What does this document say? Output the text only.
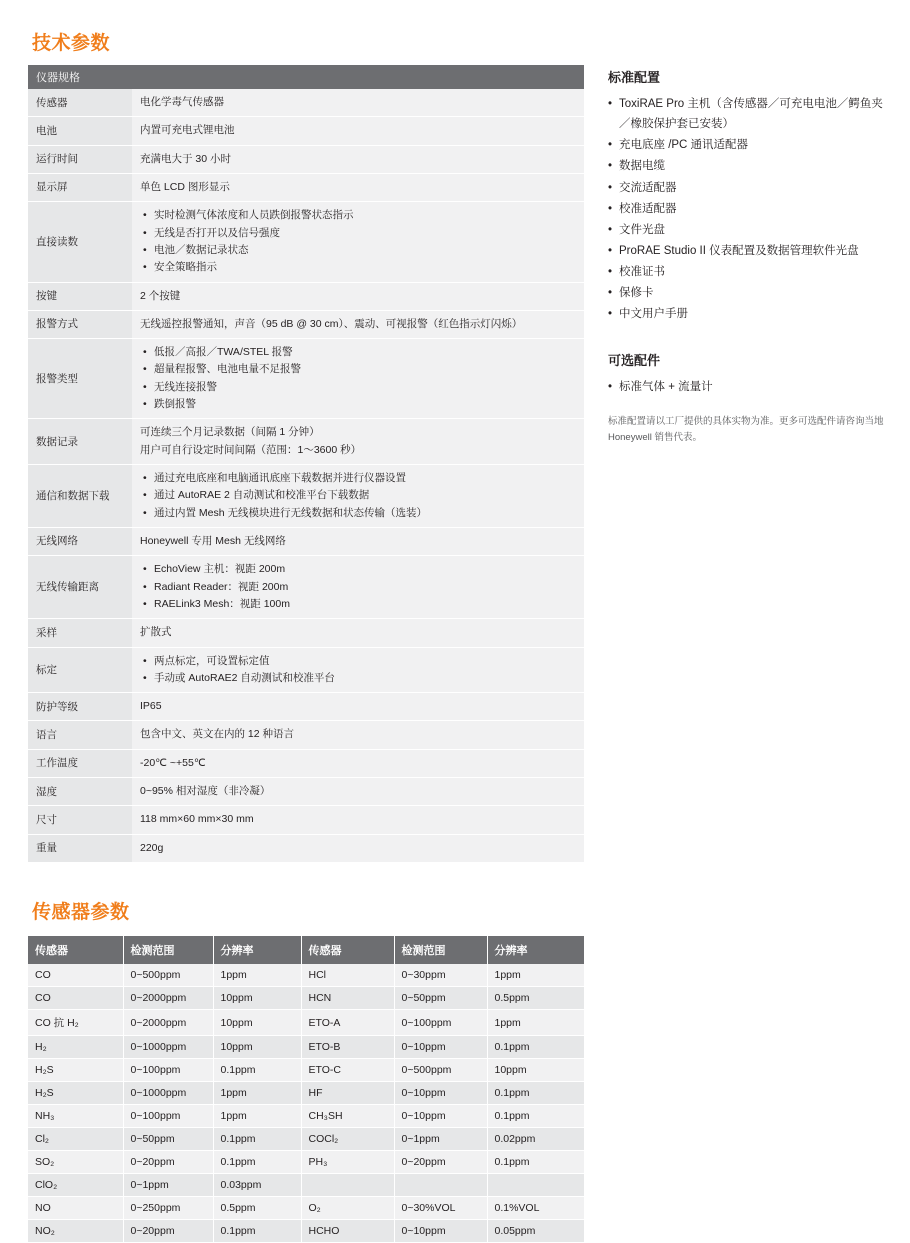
技术参数
仪器规格	
传感器	电化学毒气传感器

电池	内置可充电式锂电池

运行时间	充满电大于 30 小时

显示屏	单色 LCD 图形显示

直接读数	
• 实时检测气体浓度和人员跌倒报警状态指示
• 无线是否打开以及信号强度
• 电池／数据记录状态
• 安全策略指示

按键	2 个按键

报警方式	无线遥控报警通知，声音（95 dB @ 30 cm）、震动、可视报警（红色指示灯闪烁）

报警类型	
• 低报／高报／TWA/STEL 报警
• 超量程报警、电池电量不足报警
• 无线连接报警
• 跌倒报警

数据记录	可连续三个月记录数据（间隔 1 分钟）
用户可自行设定时间间隔（范围：1～3600 秒）

通信和数据下载	
• 通过充电底座和电脑通讯底座下载数据并进行仪器设置
• 通过 AutoRAE 2 自动测试和校准平台下载数据
• 通过内置 Mesh 无线模块进行无线数据和状态传输（选装）

无线网络	Honeywell 专用 Mesh 无线网络

无线传输距离	
• EchoView 主机：视距 200m
• Radiant Reader：视距 200m
• RAELink3 Mesh：视距 100m

采样	扩散式

标定	
• 两点标定，可设置标定值
• 手动或 AutoRAE2 自动测试和校准平台

防护等级	IP65

语言	包含中文、英文在内的 12 种语言

工作温度	-20℃ ~+55℃

湿度	0~95% 相对湿度（非冷凝）

尺寸	118 mm×60 mm×30 mm

重量	220g
标准配置
• ToxiRAE Pro 主机（含传感器／可充电电池／鳄鱼夹／橡胶保护套已安装）
• 充电底座 /PC 通讯适配器
• 数据电缆
• 交流适配器
• 校准适配器
• 文件光盘
• ProRAE Studio II 仪表配置及数据管理软件光盘
• 校准证书
• 保修卡
• 中文用户手册
可选配件
• 标准气体 + 流量计
标准配置请以工厂提供的具体实物为准。更多可选配件请咨询当地 Honeywell 销售代表。
传感器参数
传感器	检测范围	分辨率	传感器	检测范围	分辨率
CO	0~500ppm	1ppm	HCl	0~30ppm	1ppm
CO	0~2000ppm	10ppm	HCN	0~50ppm	0.5ppm
CO 抗 H₂	0~2000ppm	10ppm	ETO-A	0~100ppm	1ppm
H₂	0~1000ppm	10ppm	ETO-B	0~10ppm	0.1ppm
H₂S	0~100ppm	0.1ppm	ETO-C	0~500ppm	10ppm
H₂S	0~1000ppm	1ppm	HF	0~10ppm	0.1ppm
NH₃	0~100ppm	1ppm	CH₃SH	0~10ppm	0.1ppm
Cl₂	0~50ppm	0.1ppm	COCl₂	0~1ppm	0.02ppm
SO₂	0~20ppm	0.1ppm	PH₃	0~20ppm	0.1ppm
ClO₂	0~1ppm	0.03ppm			
NO	0~250ppm	0.5ppm	O₂	0~30%VOL	0.1%VOL
NO₂	0~20ppm	0.1ppm	HCHO	0~10ppm	0.05ppm
